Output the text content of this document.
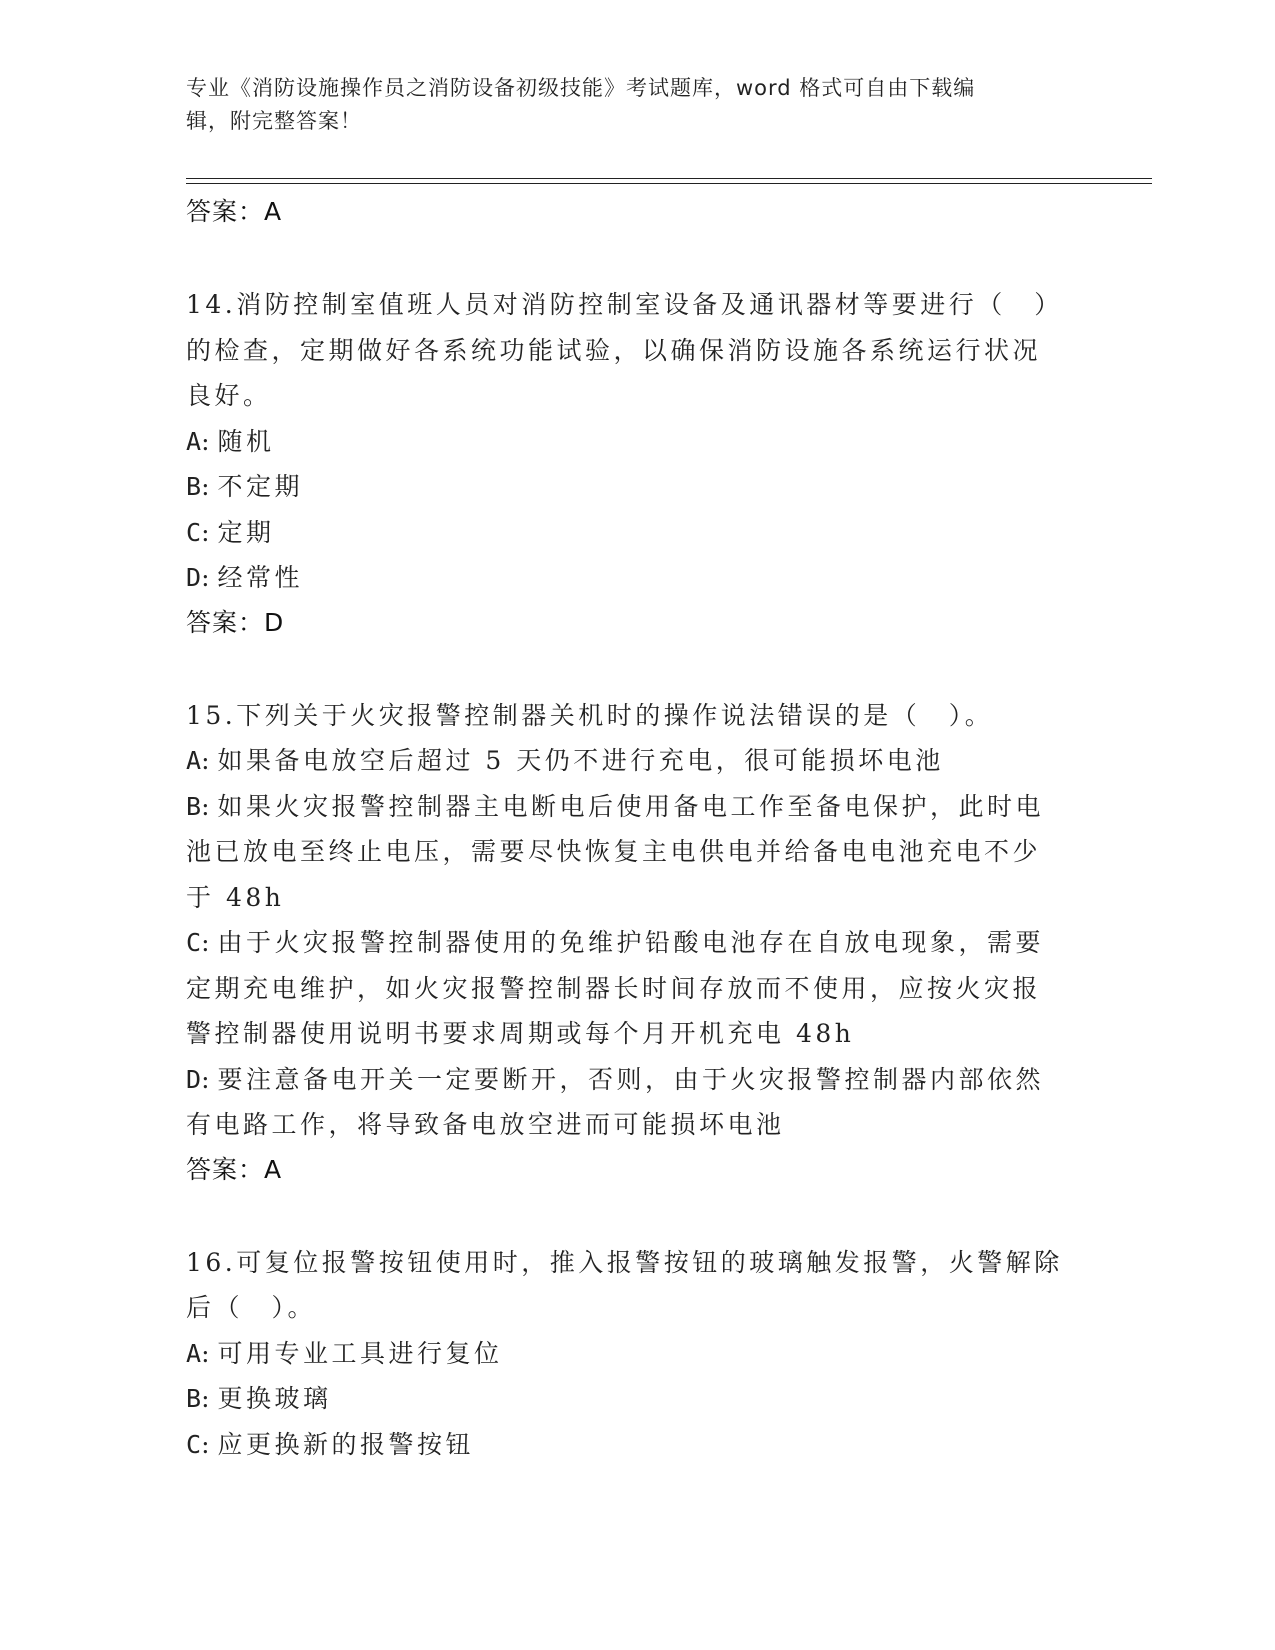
专业《消防设施操作员之消防设备初级技能》考试题库，word 格式可自由下载编
辑，附完整答案！
答案：A
14.消防控制室值班人员对消防控制室设备及通讯器材等要进行（　）
的检查，定期做好各系统功能试验，以确保消防设施各系统运行状况
良好。
A: 随机
B: 不定期
C: 定期
D: 经常性
答案：D
15.下列关于火灾报警控制器关机时的操作说法错误的是（　）。
A: 如果备电放空后超过 5 天仍不进行充电，很可能损坏电池
B: 如果火灾报警控制器主电断电后使用备电工作至备电保护，此时电
池已放电至终止电压，需要尽快恢复主电供电并给备电电池充电不少
于 48h
C: 由于火灾报警控制器使用的免维护铅酸电池存在自放电现象，需要
定期充电维护，如火灾报警控制器长时间存放而不使用，应按火灾报
警控制器使用说明书要求周期或每个月开机充电 48h
D: 要注意备电开关一定要断开，否则，由于火灾报警控制器内部依然
有电路工作，将导致备电放空进而可能损坏电池
答案：A
16.可复位报警按钮使用时，推入报警按钮的玻璃触发报警，火警解除
后（　）。
A: 可用专业工具进行复位
B: 更换玻璃
C: 应更换新的报警按钮
